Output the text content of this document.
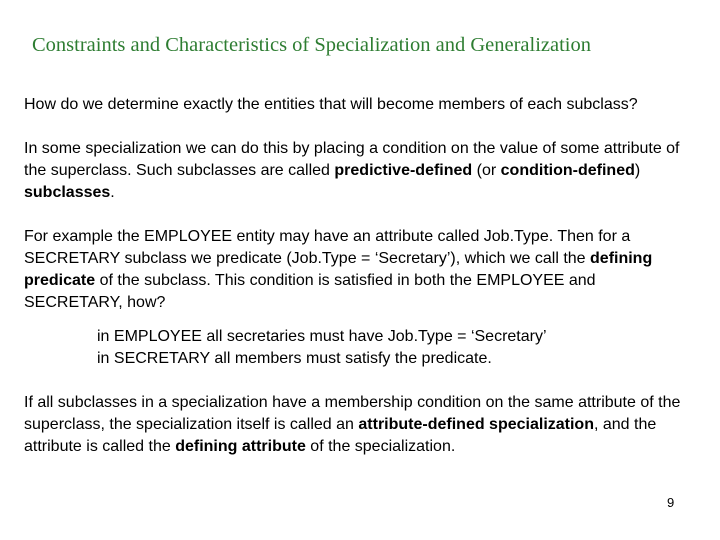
Constraints and Characteristics of Specialization and Generalization

How do we determine exactly the entities that will become members of each subclass?

In some specialization we can do this by placing a condition on the value of some attribute of the superclass. Such subclasses are called predictive-defined (or condition-defined) subclasses.

For example the EMPLOYEE entity may have an attribute called Job.Type. Then for a SECRETARY subclass we predicate (Job.Type = ‘Secretary’), which we call the defining predicate of the subclass. This condition is satisfied in both the EMPLOYEE and SECRETARY, how?

in EMPLOYEE all secretaries must have Job.Type = ‘Secretary’

in SECRETARY all members must satisfy the predicate.

If all subclasses in a specialization have a membership condition on the same attribute of the superclass, the specialization itself is called an attribute-defined specialization, and the attribute is called the defining attribute of the specialization.

9
